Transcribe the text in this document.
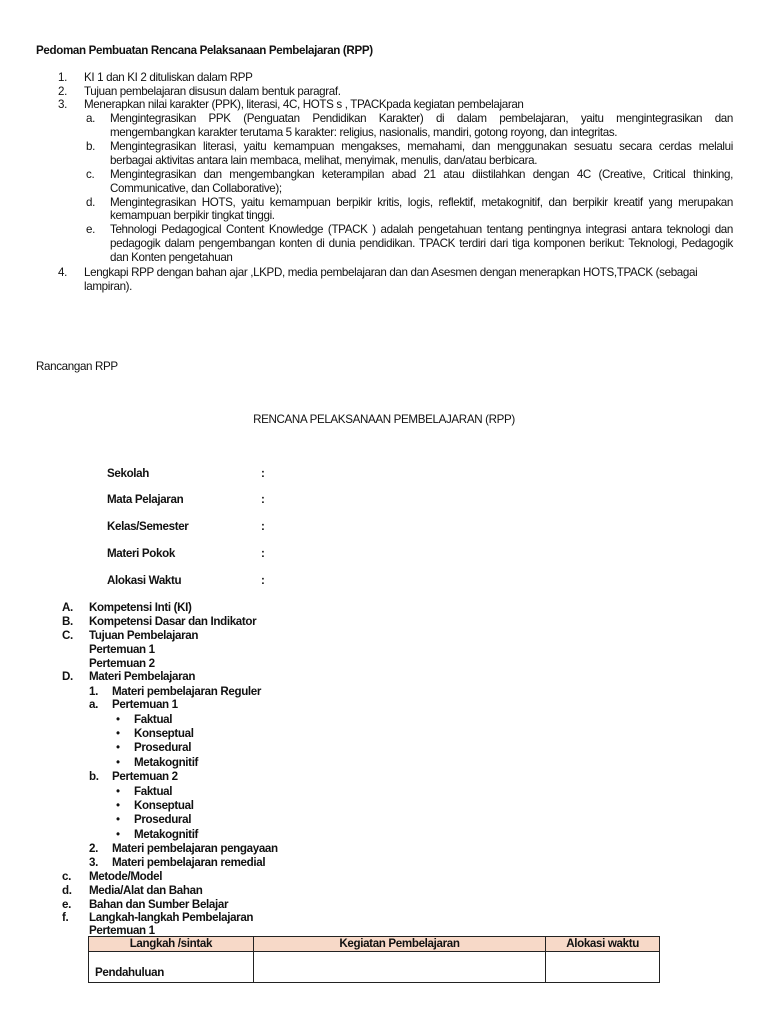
Pedoman Pembuatan Rencana Pelaksanaan Pembelajaran (RPP)
1. KI 1 dan KI 2 dituliskan dalam RPP
2. Tujuan pembelajaran disusun dalam bentuk paragraf.
3. Menerapkan nilai karakter (PPK), literasi, 4C, HOTS s , TPACKpada kegiatan pembelajaran
a. Mengintegrasikan PPK (Penguatan Pendidikan Karakter) di dalam pembelajaran, yaitu mengintegrasikan dan
mengembangkan karakter terutama 5 karakter: religius, nasionalis, mandiri, gotong royong, dan integritas.
b. Mengintegrasikan literasi, yaitu kemampuan mengakses, memahami, dan menggunakan sesuatu secara cerdas melalui
berbagai aktivitas antara lain membaca, melihat, menyimak, menulis, dan/atau berbicara.
c. Mengintegrasikan dan mengembangkan keterampilan abad 21 atau diistilahkan dengan 4C (Creative, Critical thinking,
Communicative, dan Collaborative);
d. Mengintegrasikan HOTS, yaitu kemampuan berpikir kritis, logis, reflektif, metakognitif, dan berpikir kreatif yang merupakan
kemampuan berpikir tingkat tinggi.
e. Tehnologi Pedagogical Content Knowledge (TPACK ) adalah pengetahuan tentang pentingnya integrasi antara teknologi dan
pedagogik dalam pengembangan konten di dunia pendidikan. TPACK terdiri dari tiga komponen berikut: Teknologi, Pedagogik
dan Konten pengetahuan
4. Lengkapi RPP dengan bahan ajar ,LKPD, media pembelajaran dan dan Asesmen dengan menerapkan HOTS,TPACK (sebagai
lampiran).
Rancangan RPP
RENCANA PELAKSANAAN PEMBELAJARAN (RPP)
Sekolah	:
Mata Pelajaran	:
Kelas/Semester	:
Materi Pokok	:
Alokasi Waktu	:
A. Kompetensi Inti (KI)
B. Kompetensi Dasar dan Indikator
C. Tujuan Pembelajaran
Pertemuan 1
Pertemuan 2
D. Materi Pembelajaran
1. Materi pembelajaran Reguler
a. Pertemuan 1
• Faktual
• Konseptual
• Prosedural
• Metakognitif
b. Pertemuan 2
• Faktual
• Konseptual
• Prosedural
• Metakognitif
2. Materi pembelajaran pengayaan
3. Materi pembelajaran remedial
c. Metode/Model
d. Media/Alat dan Bahan
e. Bahan dan Sumber Belajar
f. Langkah-langkah Pembelajaran
Pertemuan 1
Langkah /sintak	Kegiatan Pembelajaran	Alokasi waktu
Pendahuluan		
